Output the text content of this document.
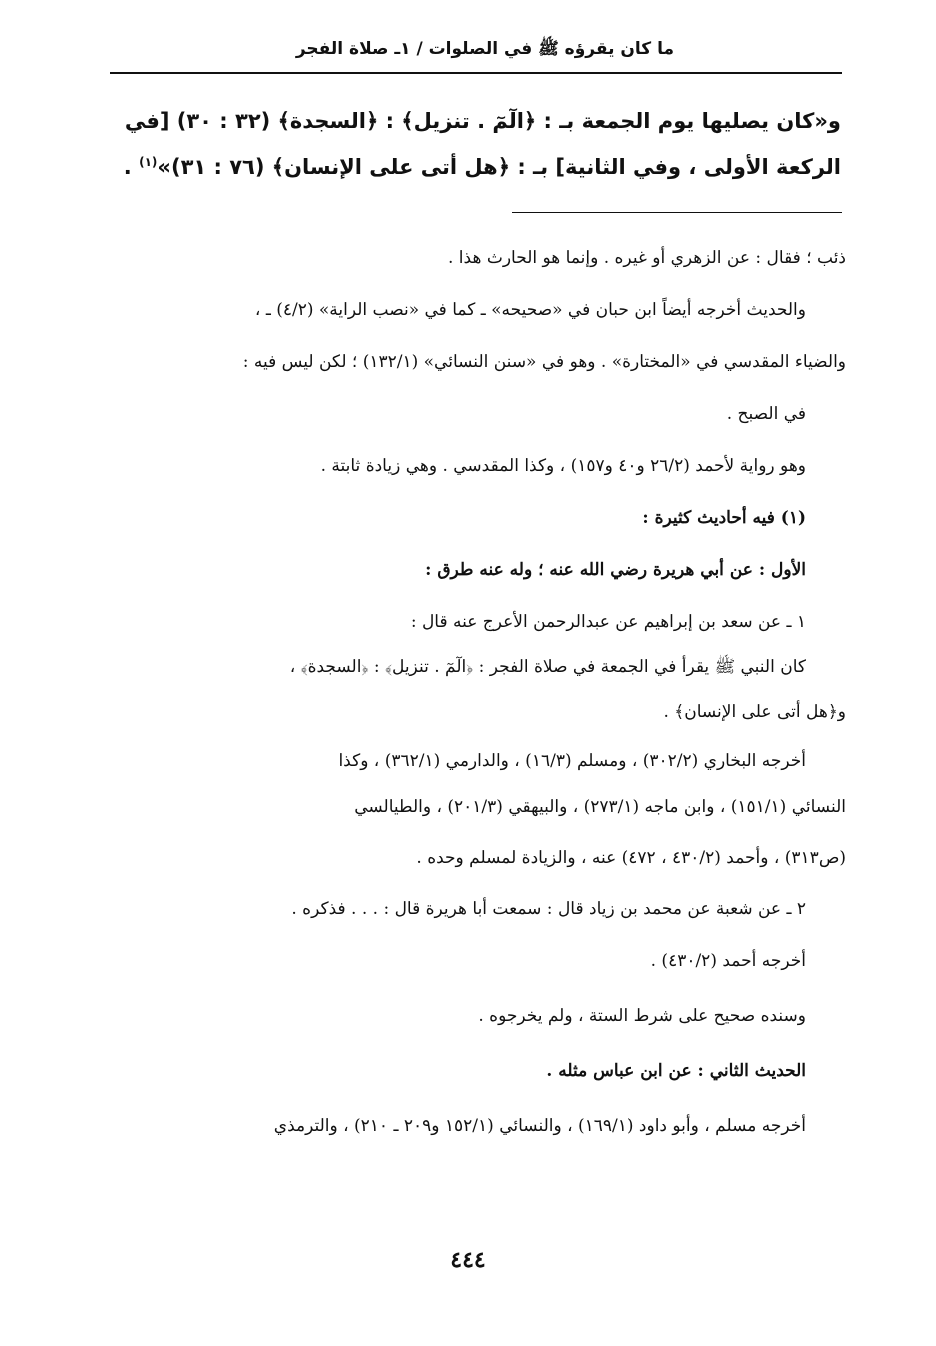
ما كان يقرؤه ﷺ في الصلوات / ١ـ صلاة الفجر
و«كان يصليها يوم الجمعة بـ : ﴿الٓمٓ . تنزيل﴾ : ﴿السجدة﴾ (٣٢ : ٣٠) [في
الركعة الأولى ، وفي الثانية] بـ : ﴿هل أتى على الإنسان﴾ (٧٦ : ٣١)»$^{(١)}$ .
ذئب ؛ فقال : عن الزهري أو غيره . وإنما هو الحارث هذا .
والحديث أخرجه أيضاً ابن حبان في «صحيحه» ـ كما في «نصب الراية» (٤/٢) ـ ،
والضياء المقدسي في «المختارة» . وهو في «سنن النسائي» (١٣٢/١) ؛ لكن ليس فيه :
في الصبح .
وهو رواية لأحمد (٢٦/٢ و٤٠ و١٥٧) ، وكذا المقدسي . وهي زيادة ثابتة .
(١) فيه أحاديث كثيرة :
الأول : عن أبي هريرة رضي الله عنه ؛ وله عنه طرق :
١ ـ عن سعد بن إبراهيم عن عبدالرحمن الأعرج عنه قال :
كان النبي ﷺ يقرأ في الجمعة في صلاة الفجر : ﴿الٓمٓ . تنزيل﴾ : ﴿السجدة﴾ ،
و﴿هل أتى على الإنسان﴾ .
أخرجه البخاري (٣٠٢/٢) ، ومسلم (١٦/٣) ، والدارمي (٣٦٢/١) ، وكذا
النسائي (١٥١/١) ، وابن ماجه (٢٧٣/١) ، والبيهقي (٢٠١/٣) ، والطيالسي
(ص٣١٣) ، وأحمد (٤٣٠/٢ ، ٤٧٢) عنه ، والزيادة لمسلم وحده .
٢ ـ عن شعبة عن محمد بن زياد قال : سمعت أبا هريرة قال : . . . فذكره .
أخرجه أحمد (٤٣٠/٢) .
وسنده صحيح على شرط الستة ، ولم يخرجوه .
الحديث الثاني : عن ابن عباس مثله .
أخرجه مسلم ، وأبو داود (١٦٩/١) ، والنسائي (١٥٢/١ و٢٠٩ ـ ٢١٠) ، والترمذي
٤٤٤
